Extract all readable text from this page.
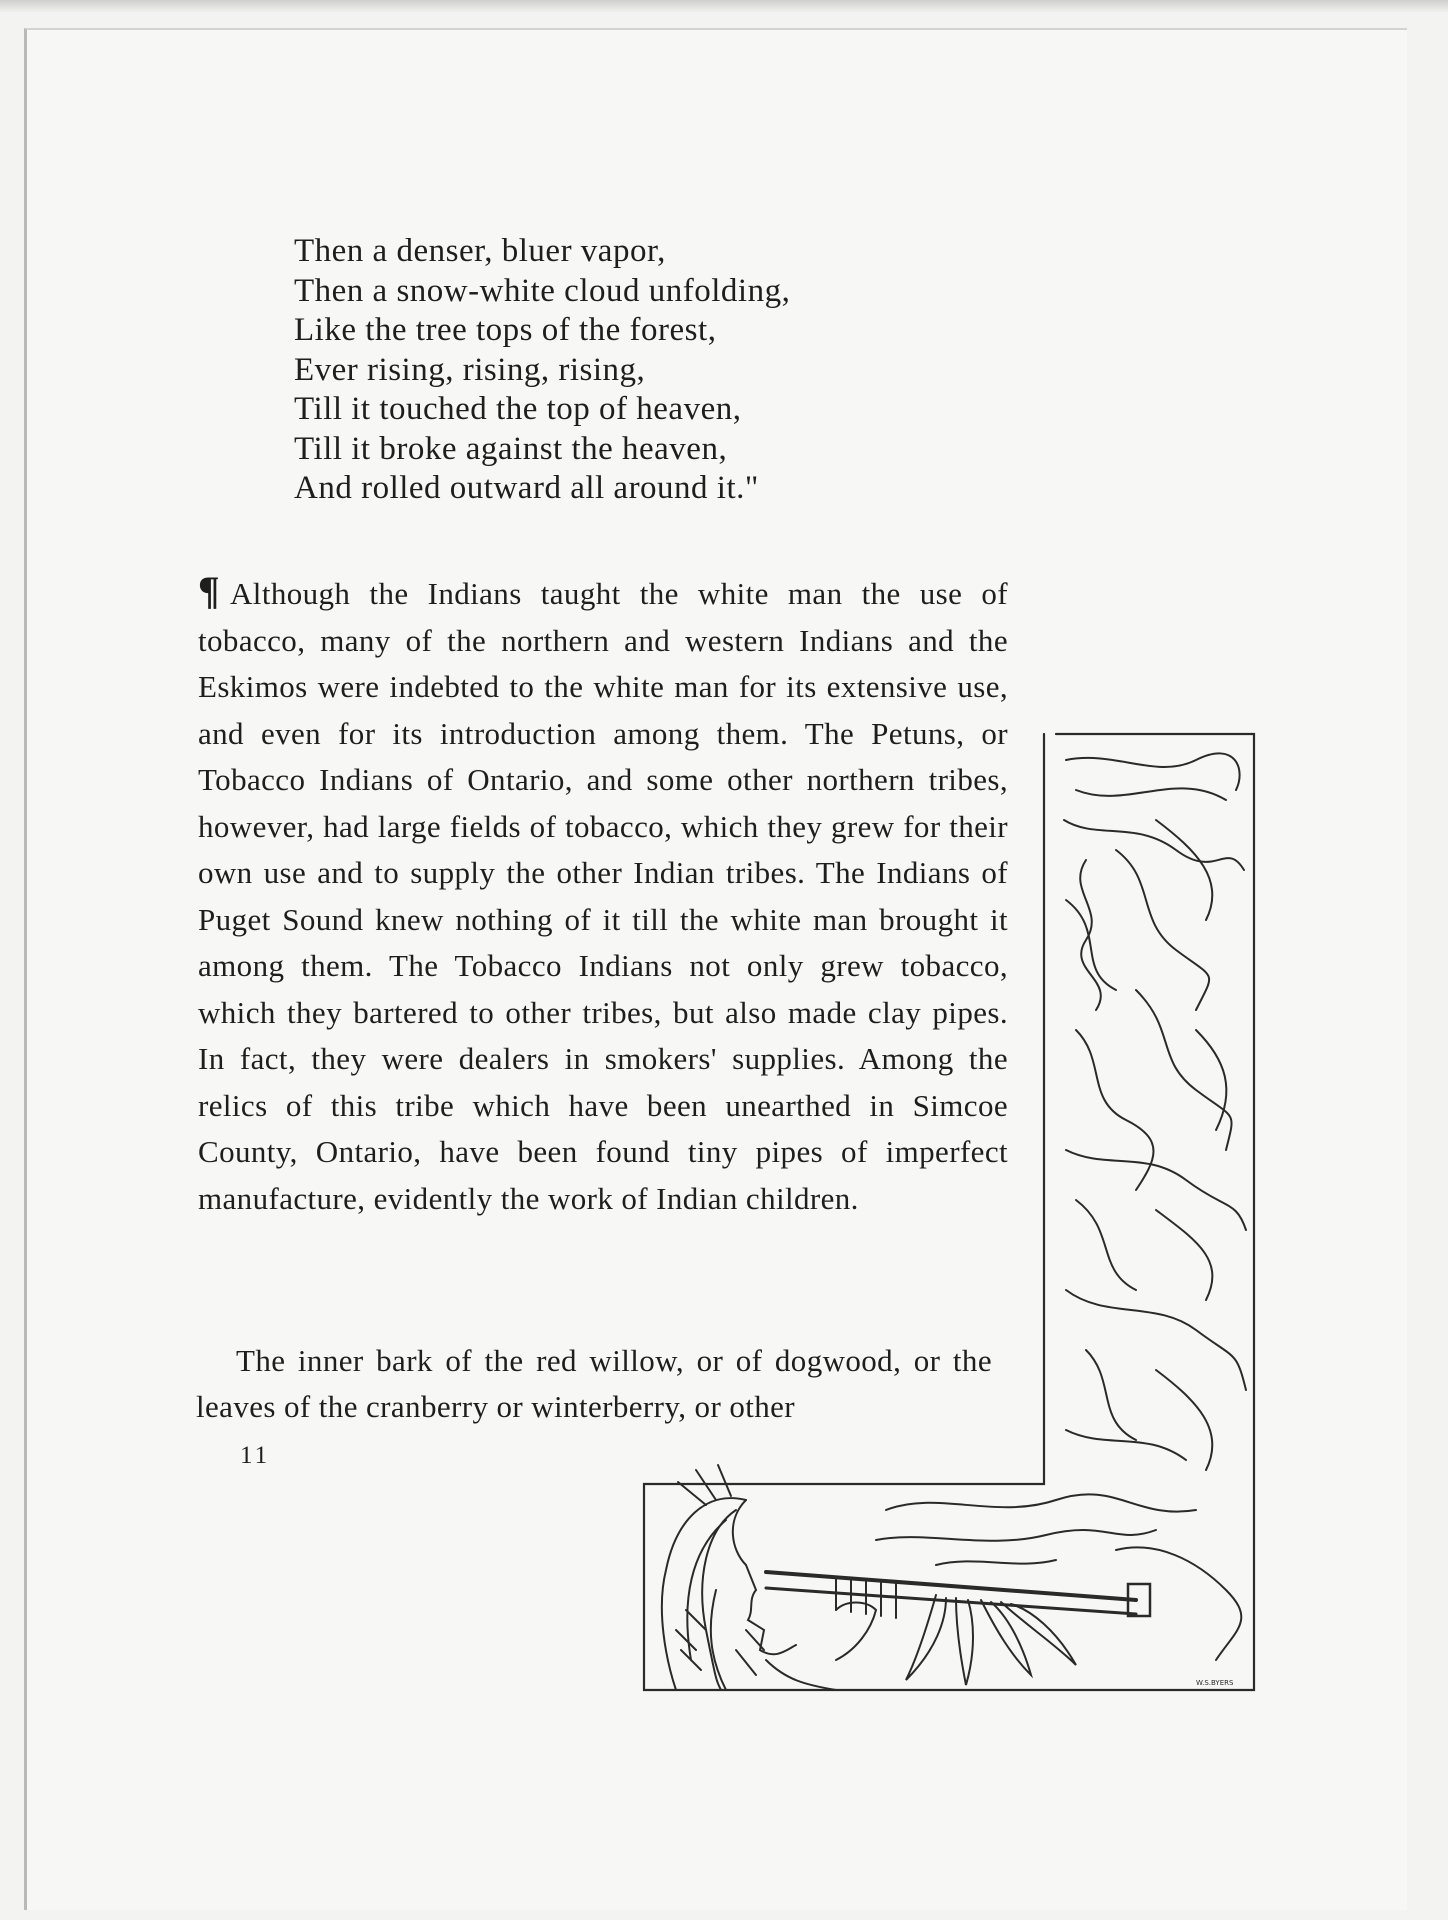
Then a denser, bluer vapor,
Then a snow-white cloud unfolding,
Like the tree tops of the forest,
Ever rising, rising, rising,
Till it touched the top of heaven,
Till it broke against the heaven,
And rolled outward all around it."

¶ Although the Indians taught the white man the use of tobacco, many of the northern and western Indians and the Eskimos were indebted to the white man for its extensive use, and even for its introduction among them. The Petuns, or Tobacco Indians of Ontario, and some other northern tribes, however, had large fields of tobacco, which they grew for their own use and to supply the other Indian tribes. The Indians of Puget Sound knew nothing of it till the white man brought it among them. The Tobacco Indians not only grew tobacco, which they bartered to other tribes, but also made clay pipes. In fact, they were dealers in smokers' supplies. Among the relics of this tribe which have been unearthed in Simcoe County, Ontario, have been found tiny pipes of imperfect manufacture, evidently the work of Indian children.

The inner bark of the red willow, or of dogwood, or the leaves of the cranberry or winterberry, or other

11
W.S.BYERS
